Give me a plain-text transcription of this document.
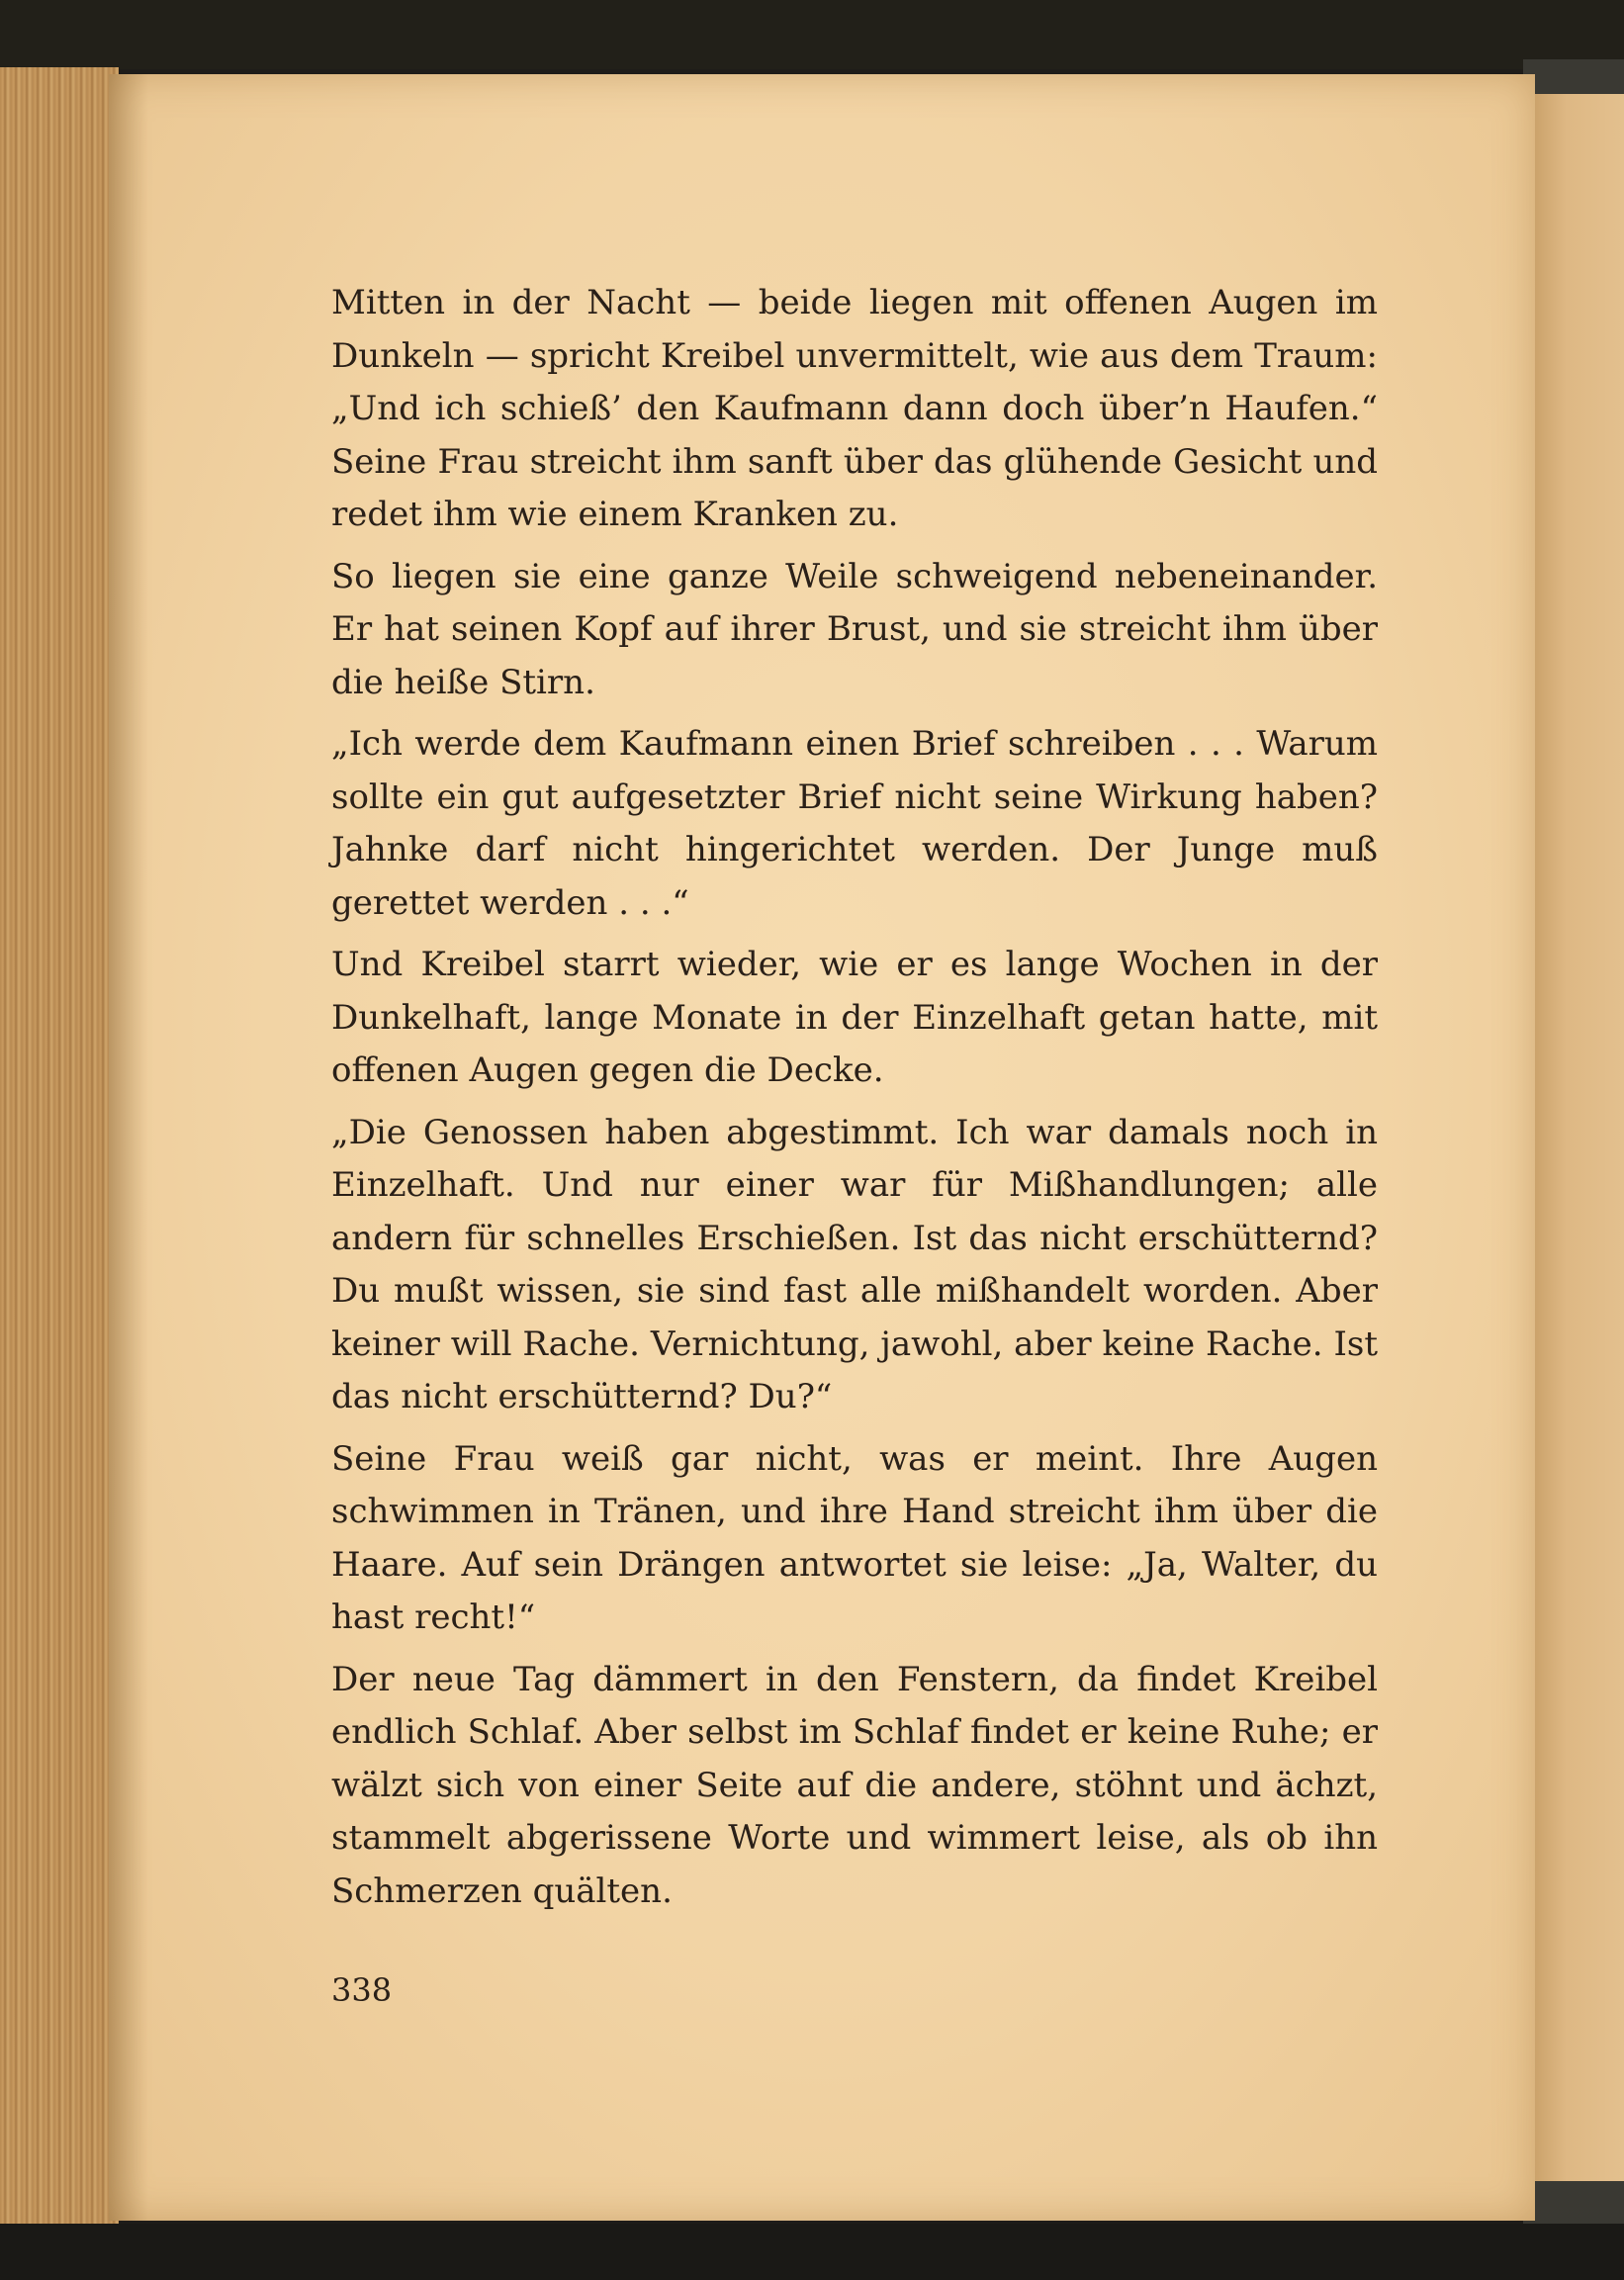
Mitten in der Nacht — beide liegen mit offenen Augen im Dunkeln — spricht Kreibel unvermittelt, wie aus dem Traum: „Und ich schieß’ den Kaufmann dann doch über’n Haufen.“ Seine Frau streicht ihm sanft über das glühende Gesicht und redet ihm wie einem Kranken zu.

So liegen sie eine ganze Weile schweigend nebeneinander. Er hat seinen Kopf auf ihrer Brust, und sie streicht ihm über die heiße Stirn.

„Ich werde dem Kaufmann einen Brief schreiben . . . Warum sollte ein gut aufgesetzter Brief nicht seine Wirkung haben? Jahnke darf nicht hingerichtet werden. Der Junge muß gerettet werden . . .“

Und Kreibel starrt wieder, wie er es lange Wochen in der Dunkelhaft, lange Monate in der Einzelhaft getan hatte, mit offenen Augen gegen die Decke.

„Die Genossen haben abgestimmt. Ich war damals noch in Einzelhaft. Und nur einer war für Mißhandlungen; alle andern für schnelles Erschießen. Ist das nicht erschütternd? Du mußt wissen, sie sind fast alle mißhandelt worden. Aber keiner will Rache. Vernichtung, jawohl, aber keine Rache. Ist das nicht erschütternd? Du?“

Seine Frau weiß gar nicht, was er meint. Ihre Augen schwimmen in Tränen, und ihre Hand streicht ihm über die Haare. Auf sein Drängen antwortet sie leise: „Ja, Walter, du hast recht!“

Der neue Tag dämmert in den Fenstern, da findet Kreibel endlich Schlaf. Aber selbst im Schlaf findet er keine Ruhe; er wälzt sich von einer Seite auf die andere, stöhnt und ächzt, stammelt abgerissene Worte und wimmert leise, als ob ihn Schmerzen quälten.

338
